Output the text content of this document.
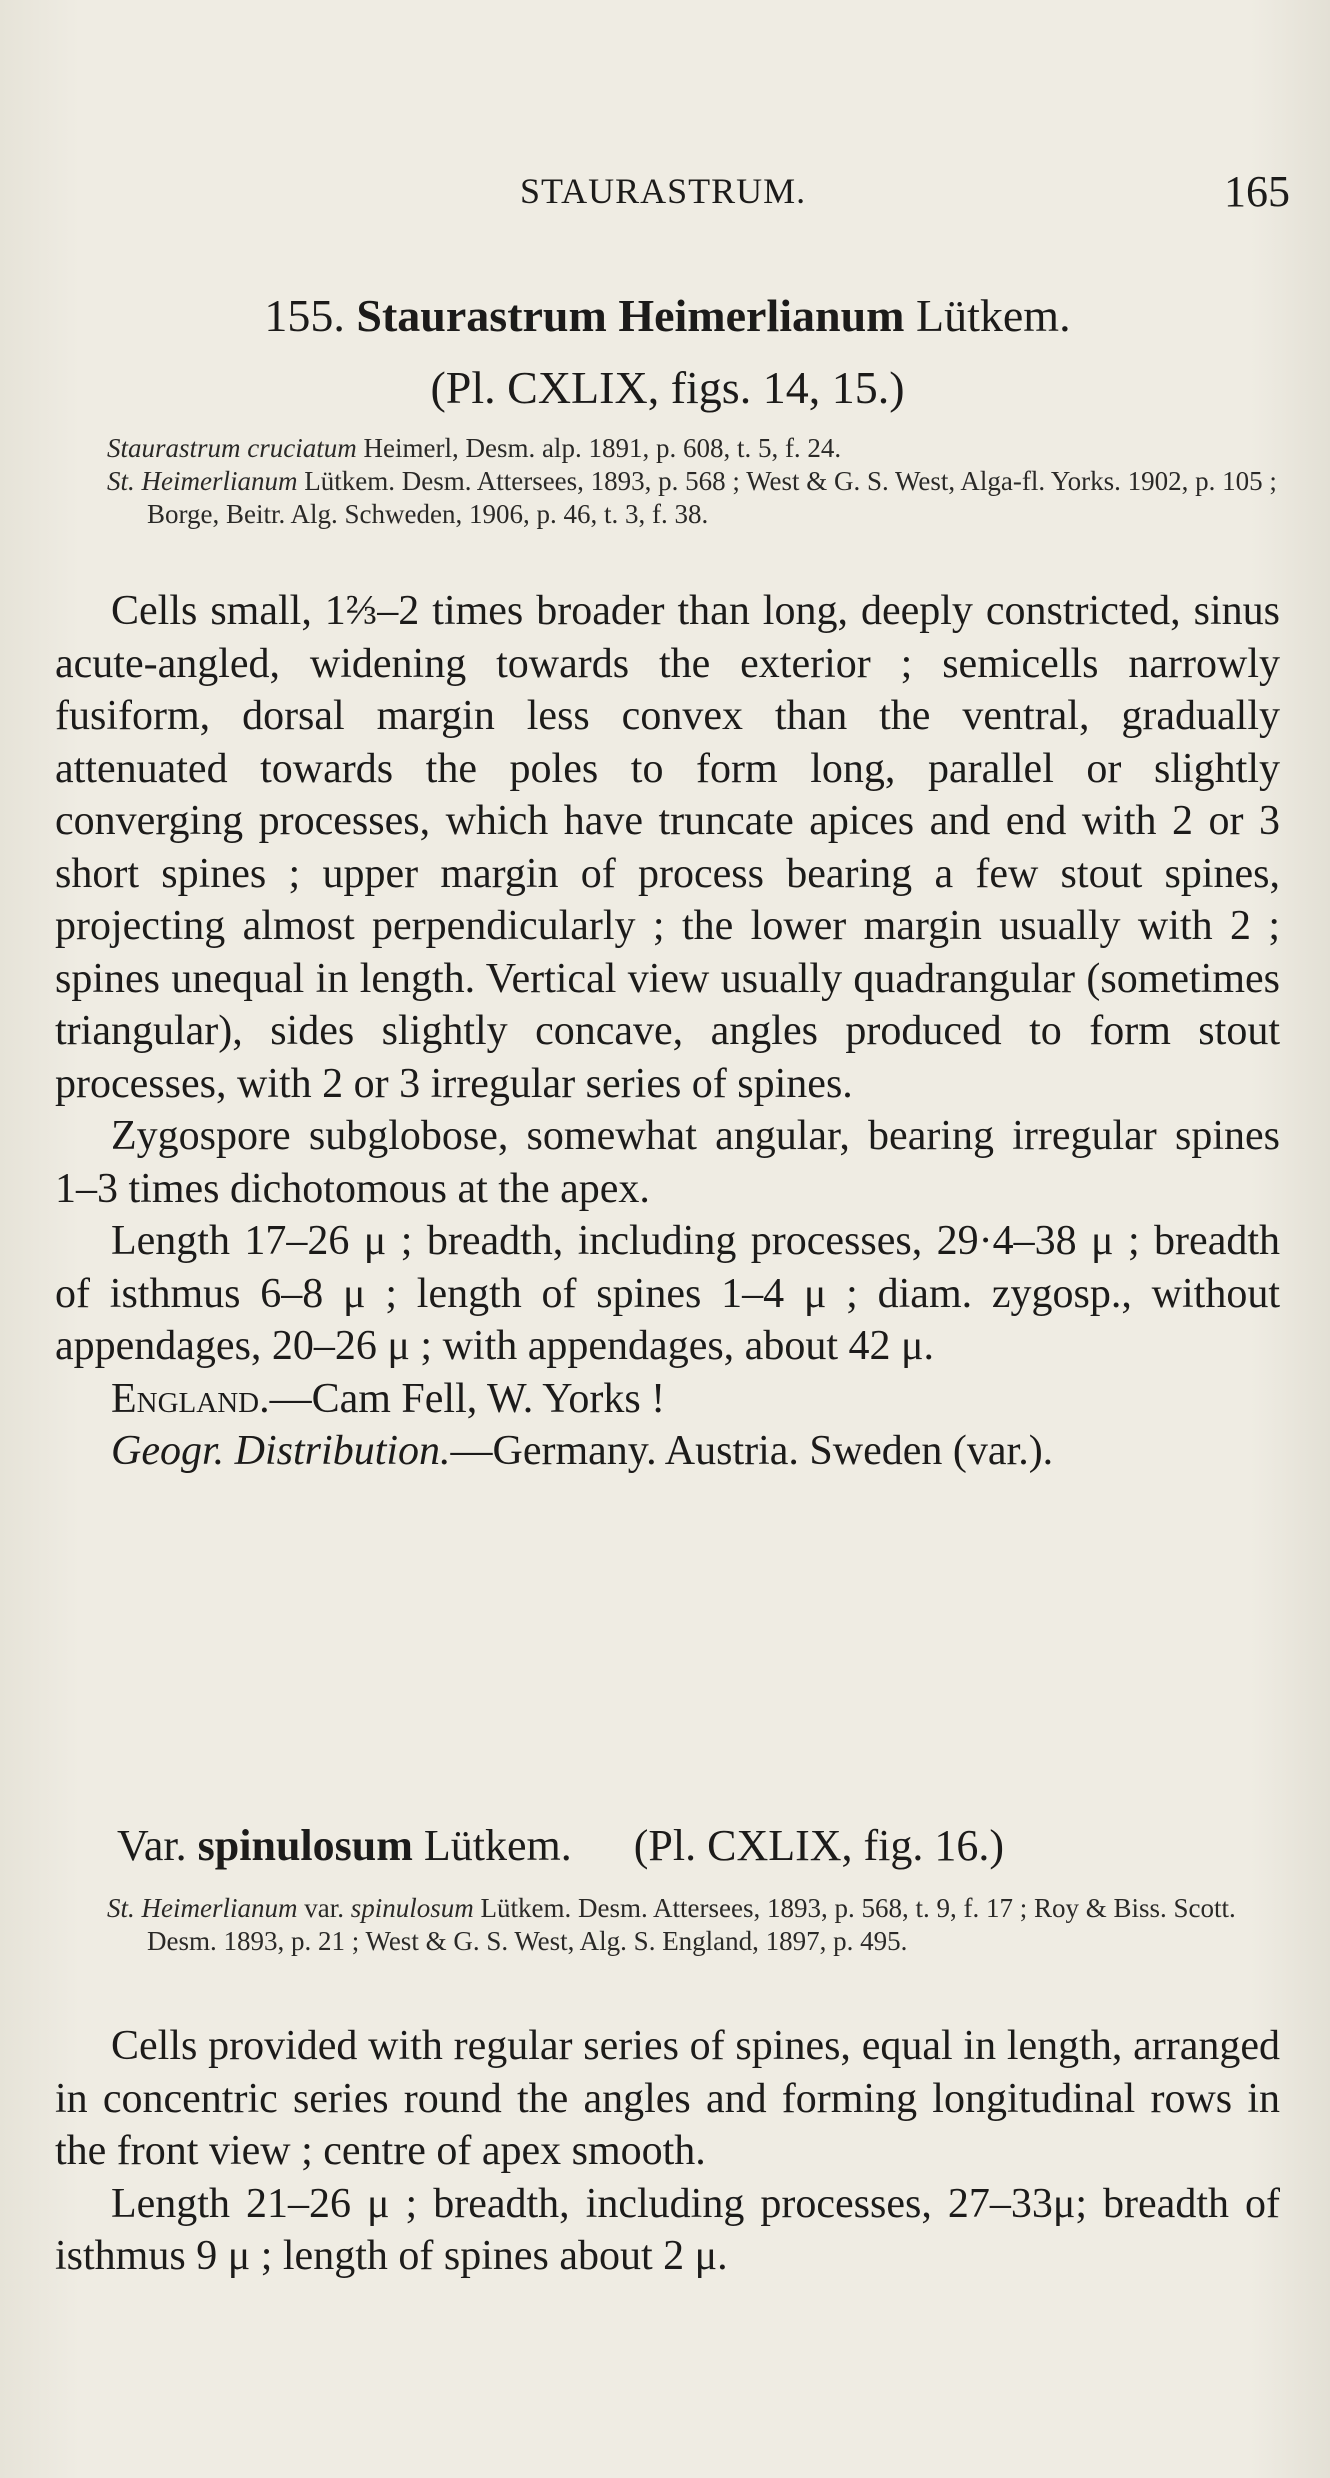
STAURASTRUM.	165
155. Staurastrum Heimerlianum Lütkem.
(Pl. CXLIX, figs. 14, 15.)

Staurastrum cruciatum Heimerl, Desm. alp. 1891, p. 608, t. 5, f. 24.

St. Heimerlianum Lütkem. Desm. Attersees, 1893, p. 568 ; West & G. S. West, Alga-fl. Yorks. 1902, p. 105 ; Borge, Beitr. Alg. Schweden, 1906, p. 46, t. 3, f. 38.

Cells small, 1⅔–2 times broader than long, deeply constricted, sinus acute-angled, widening towards the exterior ; semicells narrowly fusiform, dorsal margin less convex than the ventral, gradually attenuated towards the poles to form long, parallel or slightly converging processes, which have truncate apices and end with 2 or 3 short spines ; upper margin of process bearing a few stout spines, projecting almost perpendicularly ; the lower margin usually with 2 ; spines unequal in length. Vertical view usually quadrangular (sometimes triangular), sides slightly concave, angles produced to form stout processes, with 2 or 3 irregular series of spines.

Zygospore subglobose, somewhat angular, bearing irregular spines 1–3 times dichotomous at the apex.

Length 17–26 μ ; breadth, including processes, 29·4–38 μ ; breadth of isthmus 6–8 μ ; length of spines 1–4 μ ; diam. zygosp., without appendages, 20–26 μ ; with appendages, about 42 μ.

England.—Cam Fell, W. Yorks !

Geogr. Distribution.—Germany. Austria. Sweden (var.).

Var. spinulosum Lütkem. (Pl. CXLIX, fig. 16.)

St. Heimerlianum var. spinulosum Lütkem. Desm. Attersees, 1893, p. 568, t. 9, f. 17 ; Roy & Biss. Scott. Desm. 1893, p. 21 ; West & G. S. West, Alg. S. England, 1897, p. 495.

Cells provided with regular series of spines, equal in length, arranged in concentric series round the angles and forming longitudinal rows in the front view ; centre of apex smooth.

Length 21–26 μ ; breadth, including processes, 27–33μ; breadth of isthmus 9 μ ; length of spines about 2 μ.
